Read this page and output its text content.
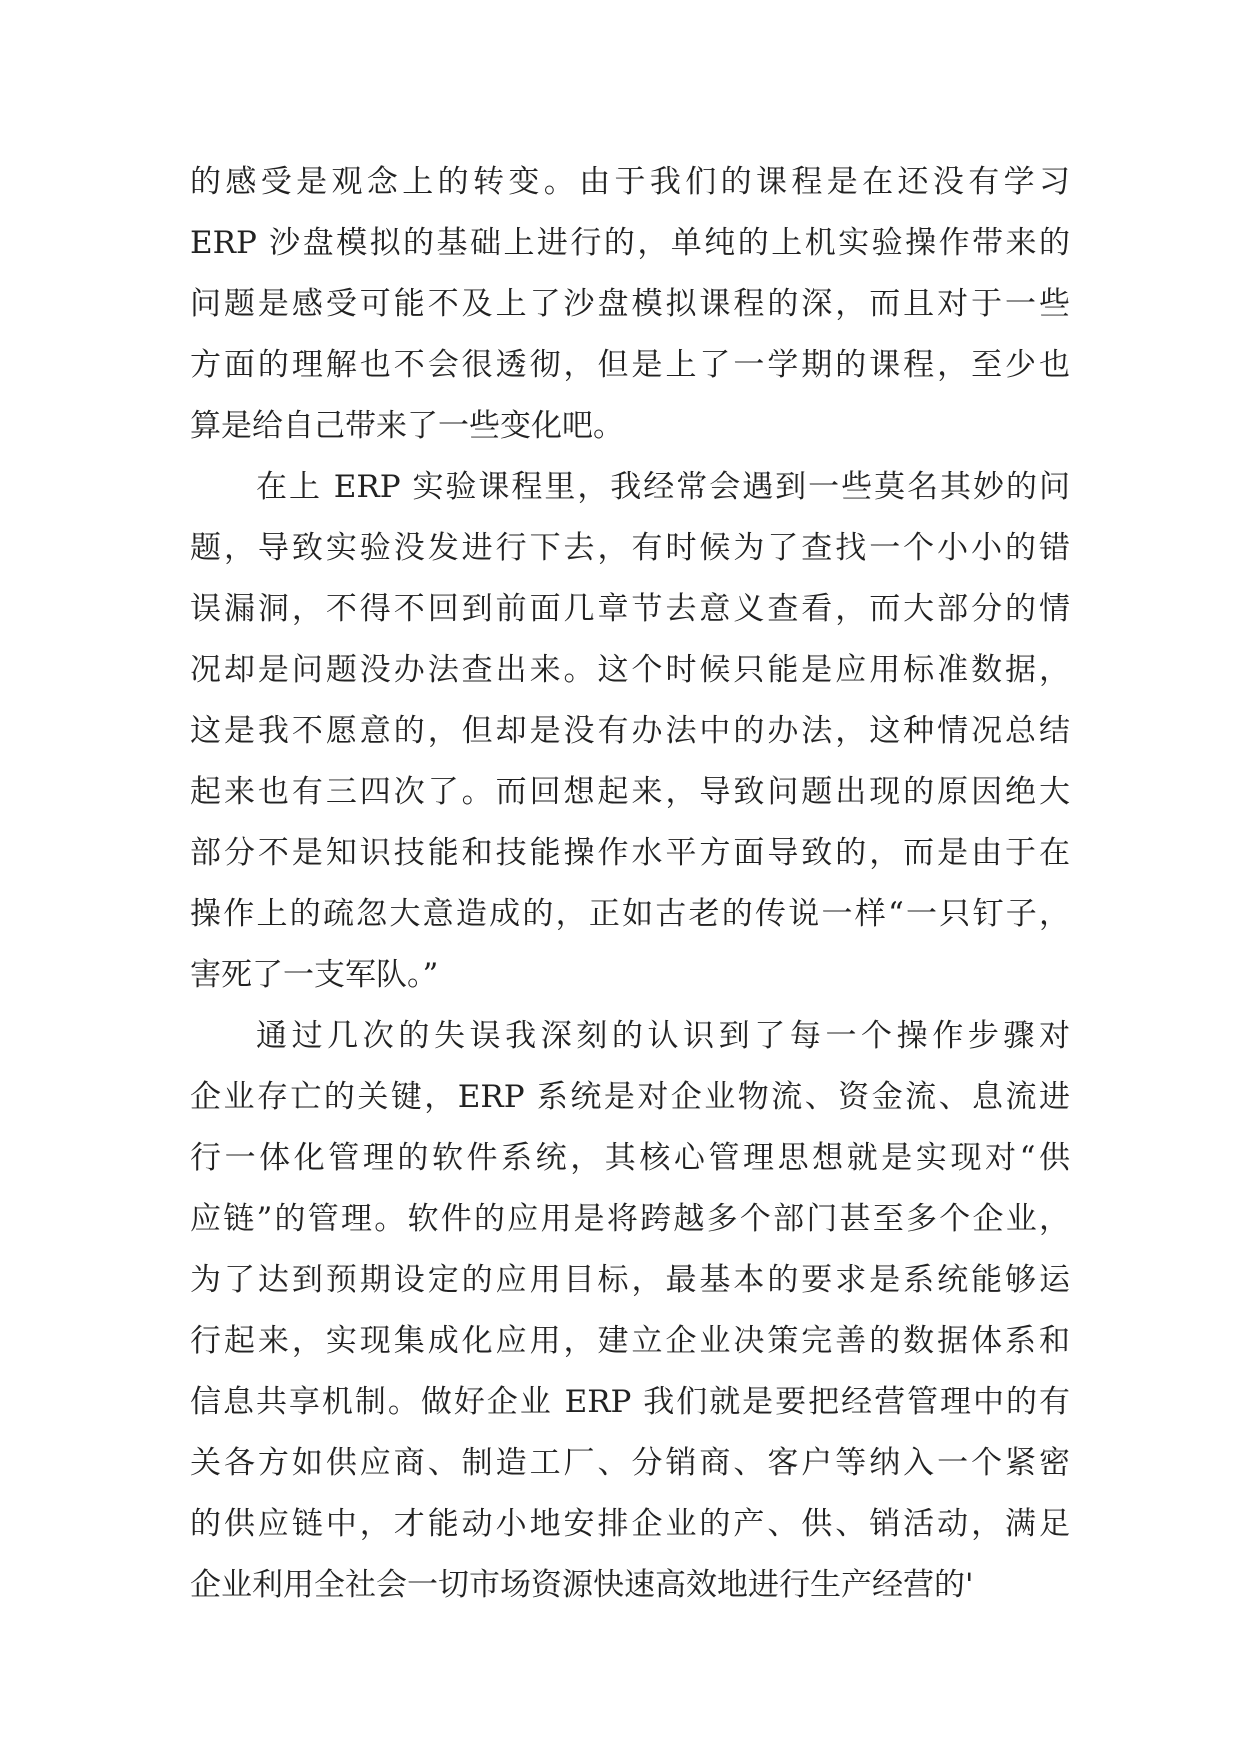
的感受是观念上的转变。由于我们的课程是在还没有学习
ERP 沙盘模拟的基础上进行的，单纯的上机实验操作带来的
问题是感受可能不及上了沙盘模拟课程的深，而且对于一些
方面的理解也不会很透彻，但是上了一学期的课程，至少也
算是给自己带来了一些变化吧。
在上 ERP 实验课程里，我经常会遇到一些莫名其妙的问
题，导致实验没发进行下去，有时候为了查找一个小小的错
误漏洞，不得不回到前面几章节去意义查看，而大部分的情
况却是问题没办法查出来。这个时候只能是应用标准数据，
这是我不愿意的，但却是没有办法中的办法，这种情况总结
起来也有三四次了。而回想起来，导致问题出现的原因绝大
部分不是知识技能和技能操作水平方面导致的，而是由于在
操作上的疏忽大意造成的，正如古老的传说一样“一只钉子，
害死了一支军队。”
通过几次的失误我深刻的认识到了每一个操作步骤对
企业存亡的关键，ERP 系统是对企业物流、资金流、息流进
行一体化管理的软件系统，其核心管理思想就是实现对“供
应链”的管理。软件的应用是将跨越多个部门甚至多个企业，
为了达到预期设定的应用目标，最基本的要求是系统能够运
行起来，实现集成化应用，建立企业决策完善的数据体系和
信息共享机制。做好企业 ERP 我们就是要把经营管理中的有
关各方如供应商、制造工厂、分销商、客户等纳入一个紧密
的供应链中，才能动小地安排企业的产、供、销活动，满足
企业利用全社会一切市场资源快速高效地进行生产经营的'
